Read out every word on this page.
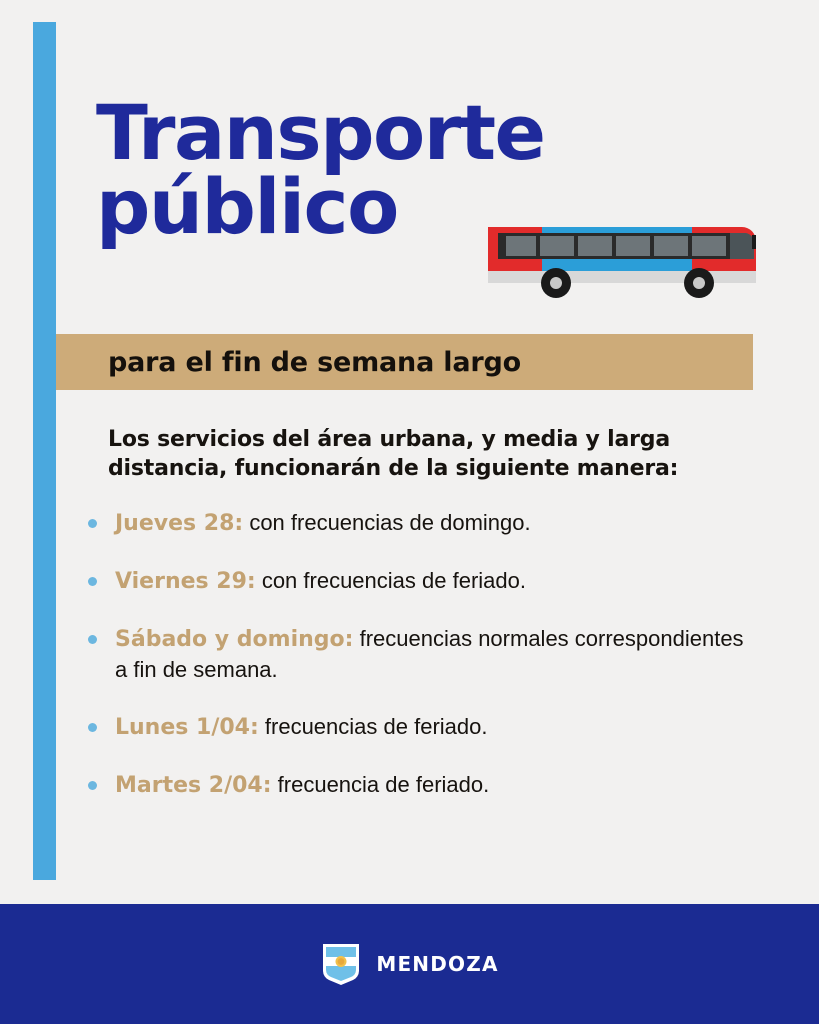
Transporte
público
para el fin de semana largo
Los servicios del área urbana, y media y larga distancia, funcionarán de la siguiente manera:
Jueves 28: con frecuencias de domingo.
Viernes 29: con frecuencias de feriado.
Sábado y domingo: frecuencias normales correspondientes a fin de semana.
Lunes 1/04: frecuencias de feriado.
Martes 2/04: frecuencia de feriado.
MENDOZA
